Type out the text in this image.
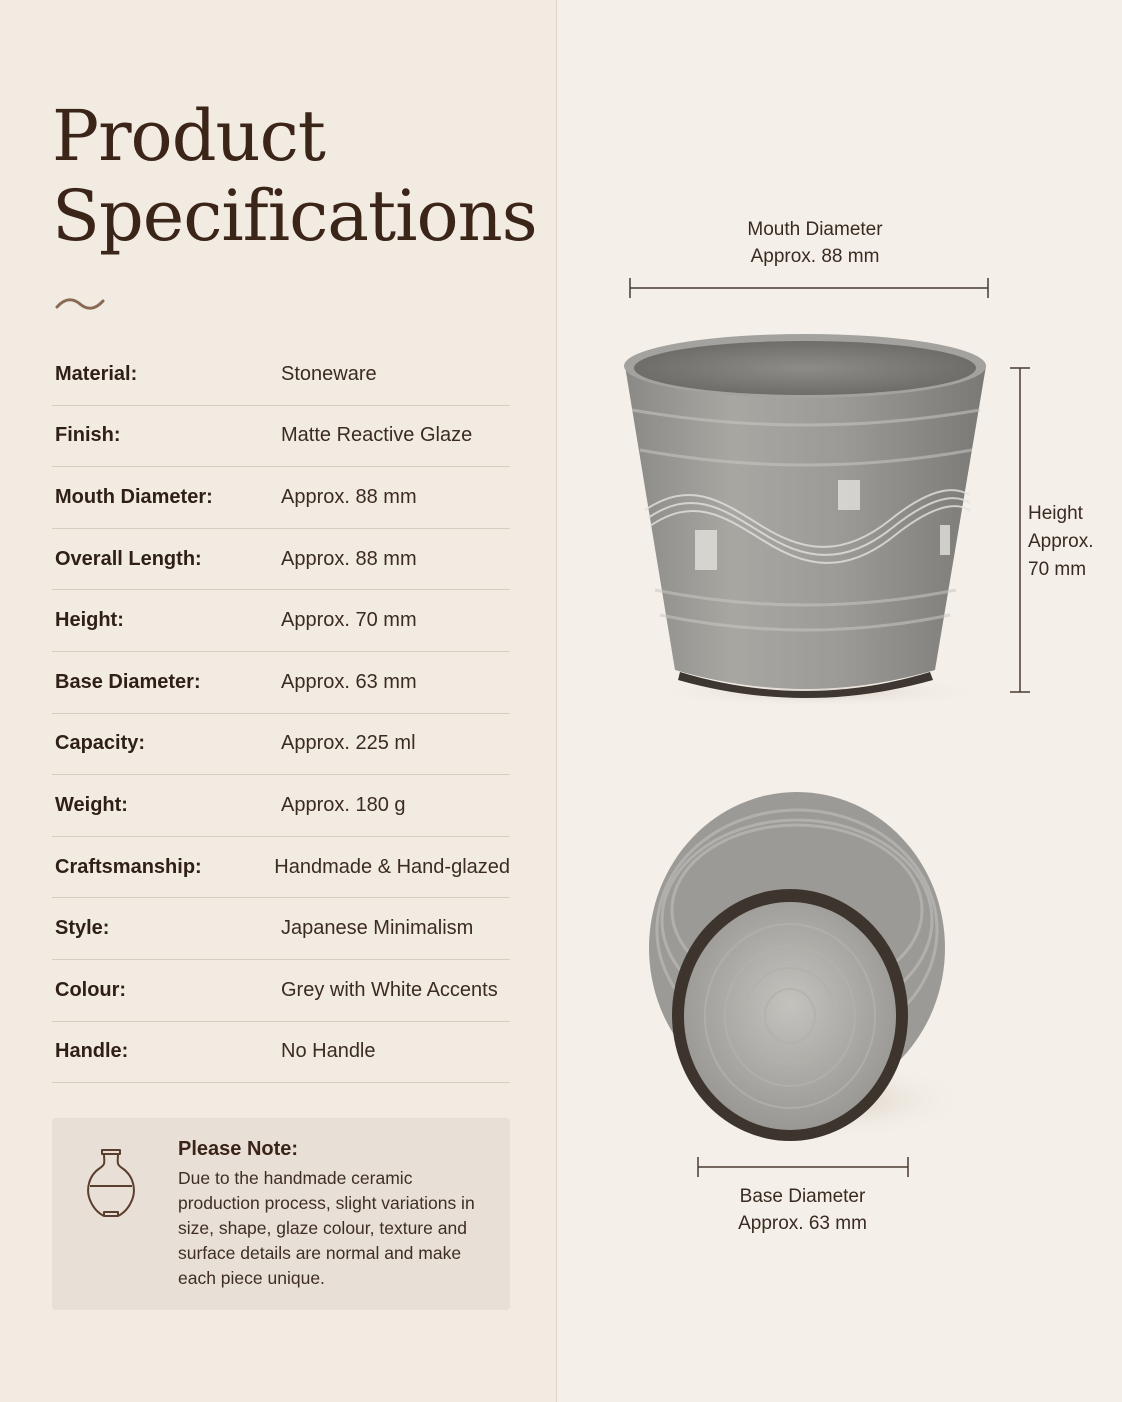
Product
Specifications
Material:	Stoneware
Finish:	Matte Reactive Glaze
Mouth Diameter:	Approx. 88 mm
Overall Length:	Approx. 88 mm
Height:	Approx. 70 mm
Base Diameter:	Approx. 63 mm
Capacity:	Approx. 225 ml
Weight:	Approx. 180 g
Craftsmanship:	Handmade & Hand-glazed
Style:	Japanese Minimalism
Colour:	Grey with White Accents
Handle:	No Handle
Please Note:
Due to the handmade ceramic production process, slight variations in size, shape, glaze colour, texture and surface details are normal and make each piece unique.
Mouth Diameter
Approx. 88 mm
Height
Approx.
70 mm
Base Diameter
Approx. 63 mm
